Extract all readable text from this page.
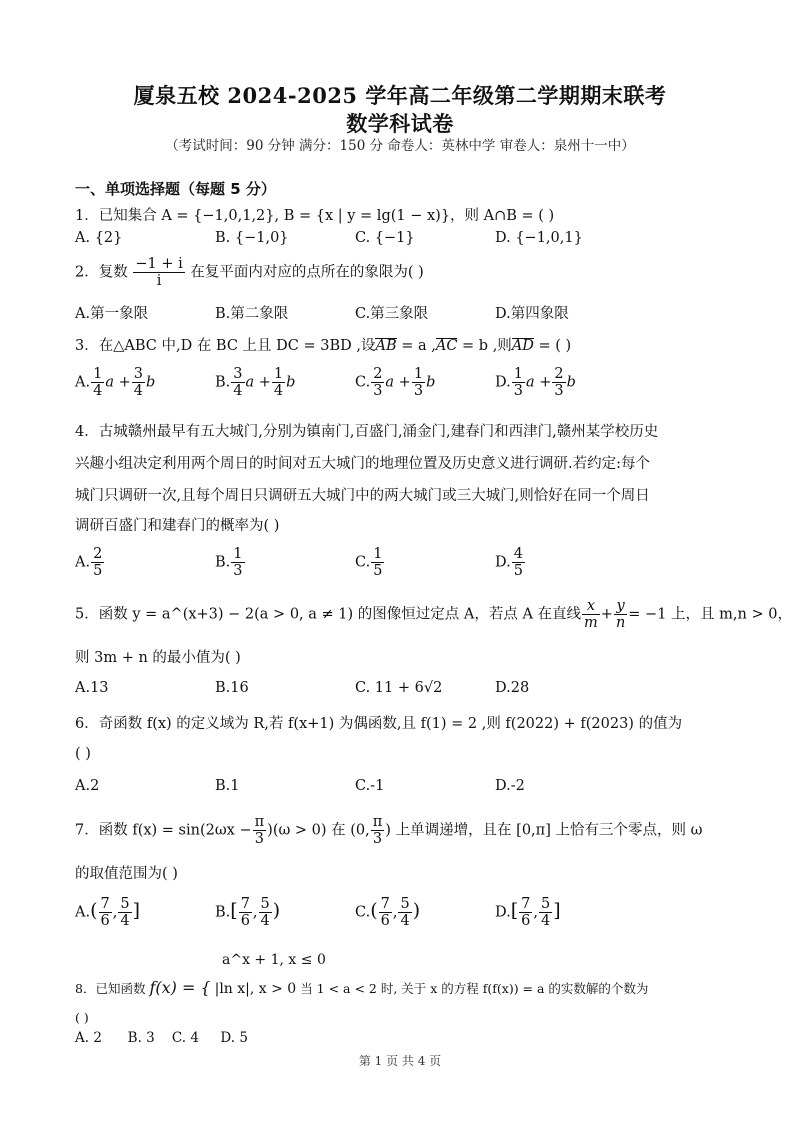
厦泉五校 2024-2025 学年高二年级第二学期期末联考
数学科试卷
（考试时间：90 分钟 满分：150 分 命卷人：英林中学 审卷人：泉州十一中）
一、单项选择题（每题 5 分）
1．已知集合 A = {−1,0,1,2}, B = {x | y = lg(1 − x)}，则 A∩B = ( )
A. {2}	B. {−1,0}	C. {−1}	D. {−1,0,1}
2．复数 $\frac{-1 + i}{i}$ 在复平面内对应的点所在的象限为( )
A.第一象限	B.第二象限	C.第三象限	D.第四象限
3．在△ABC 中,D 在 BC 上且 DC = 3BD ,设AB = a ,AC = b ,则AD = ( )
A. $\frac{1}{4}$ $a + \frac{3}{4}$ b	B. $\frac{3}{4}$ $a + \frac{1}{4}$ b	C. $\frac{2}{3}$ $a + \frac{1}{3}$ b	D. $\frac{1}{3}$ $a + \frac{2}{3}$ b
4．古城赣州最早有五大城门,分别为镇南门,百盛门,涌金门,建春门和西津门,赣州某学校历史
兴趣小组决定利用两个周日的时间对五大城门的地理位置及历史意义进行调研.若约定:每个
城门只调研一次,且每个周日只调研五大城门中的两大城门或三大城门,则恰好在同一个周日
调研百盛门和建春门的概率为( )
A. $\frac{2}{5}$	B. $\frac{1}{3}$	C. $\frac{1}{5}$	D. $\frac{4}{5}$
5．函数 y = a^(x+3) − 2(a > 0, a ≠ 1) 的图像恒过定点 A，若点 A 在直线 $\frac{x}{m} + \frac{y}{n} = -1$ 上，且 m,n > 0，
则 3m + n 的最小值为( )
A.13	B.16	C. 11 + 6√2	D.28
6．奇函数 f(x) 的定义域为 R,若 f(x+1) 为偶函数,且 f(1) = 2 ,则 f(2022) + f(2023) 的值为
( )
A.2	B.1	C.-1	D.-2
7．函数 $f(x) = \sin(2\omega x - \frac{\pi}{3} )(\omega > 0)$ 在 (0, $\frac{\pi}{3}$ ) 上单调递增，且在 [0,π] 上恰有三个零点，则 ω
的取值范围为( )
$A.( \frac{7}{6}$ , $\frac{5}{4}$ ]	$B.[ \frac{7}{6}$ , $\frac{5}{4}$ )	$C.( \frac{7}{6}$ , $\frac{5}{4}$ )	$D.[ \frac{7}{6}$ , $\frac{5}{4}$ ]
a^x + 1, x ≤ 0
8．已知函数 f(x) = { |ln x|, x > 0 当 1 < a < 2 时, 关于 x 的方程 f(f(x)) = a 的实数解的个数为
( )
A. 2      B. 3    C. 4     D. 5
第 1 页 共 4 页
